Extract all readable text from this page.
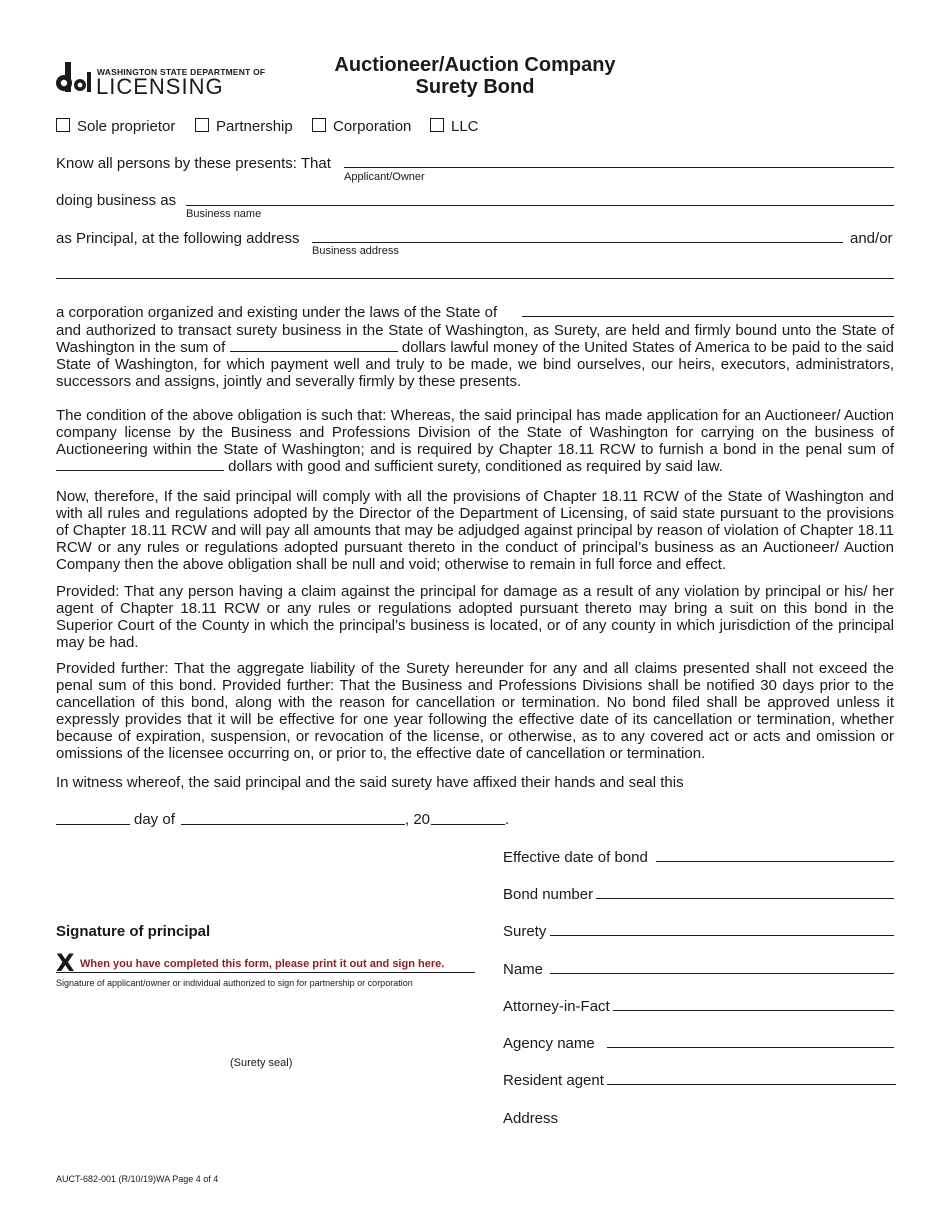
WASHINGTON STATE DEPARTMENT OF
LICENSING
Auctioneer/Auction Company
Surety Bond
Sole proprietor	Partnership	Corporation	LLC
Know all persons by these presents: That
Applicant/Owner
doing business as
Business name
as Principal, at the following address	and/or
Business address
a corporation organized and existing under the laws of the State of
and authorized to transact surety business in the State of Washington, as Surety, are held and firmly bound unto the State of Washington in the sum of	dollars lawful money of the United States of America to be paid to the said State of Washington, for which payment well and truly to be made, we bind ourselves, our heirs, executors, administrators, successors and assigns, jointly and severally firmly by these presents.
The condition of the above obligation is such that: Whereas, the said principal has made application for an Auctioneer/ Auction company license by the Business and Professions Division of the State of Washington for carrying on the business of Auctioneering within the State of Washington; and is required by Chapter 18.11 RCW to furnish a bond in the penal sum of  dollars with good and sufficient surety, conditioned as required by said law.
Now, therefore, If the said principal will comply with all the provisions of Chapter 18.11 RCW of the State of Washington and with all rules and regulations adopted by the Director of the Department of Licensing, of said state pursuant to the provisions of Chapter 18.11 RCW and will pay all amounts that may be adjudged against principal by reason of violation of Chapter 18.11 RCW or any rules or regulations adopted pursuant thereto in the conduct of principal’s business as an Auctioneer/ Auction Company then the above obligation shall be null and void; otherwise to remain in full force and effect.
Provided: That any person having a claim against the principal for damage as a result of any violation by principal or his/ her agent of Chapter 18.11 RCW or any rules or regulations adopted pursuant thereto may bring a suit on this bond in the Superior Court of the County in which the principal’s business is located, or of any county in which jurisdiction of the principal may be had.
Provided further: That the aggregate liability of the Surety hereunder for any and all claims presented shall not exceed the penal sum of this bond. Provided further: That the Business and Professions Divisions shall be notified 30 days prior to the cancellation of this bond, along with the reason for cancellation or termination. No bond filed shall be approved unless it expressly provides that it will be effective for one year following the effective date of its cancellation or termination, whether because of expiration, suspension, or revocation of the license, or otherwise, as to any covered act or acts and omission or omissions of the licensee occurring on, or prior to, the effective date of cancellation or termination.
In witness whereof, the said principal and the said surety have affixed their hands and seal this
day of	, 20	.
Signature of principal
X When you have completed this form, please print it out and sign here.
Signature of applicant/owner or individual authorized to sign for partnership or corporation
(Surety seal)
Effective date of bond
Bond number
Surety
Name
Attorney-in-Fact
Agency name
Resident agent
Address
AUCT-682-001 (R/10/19)WA Page 4 of 4
